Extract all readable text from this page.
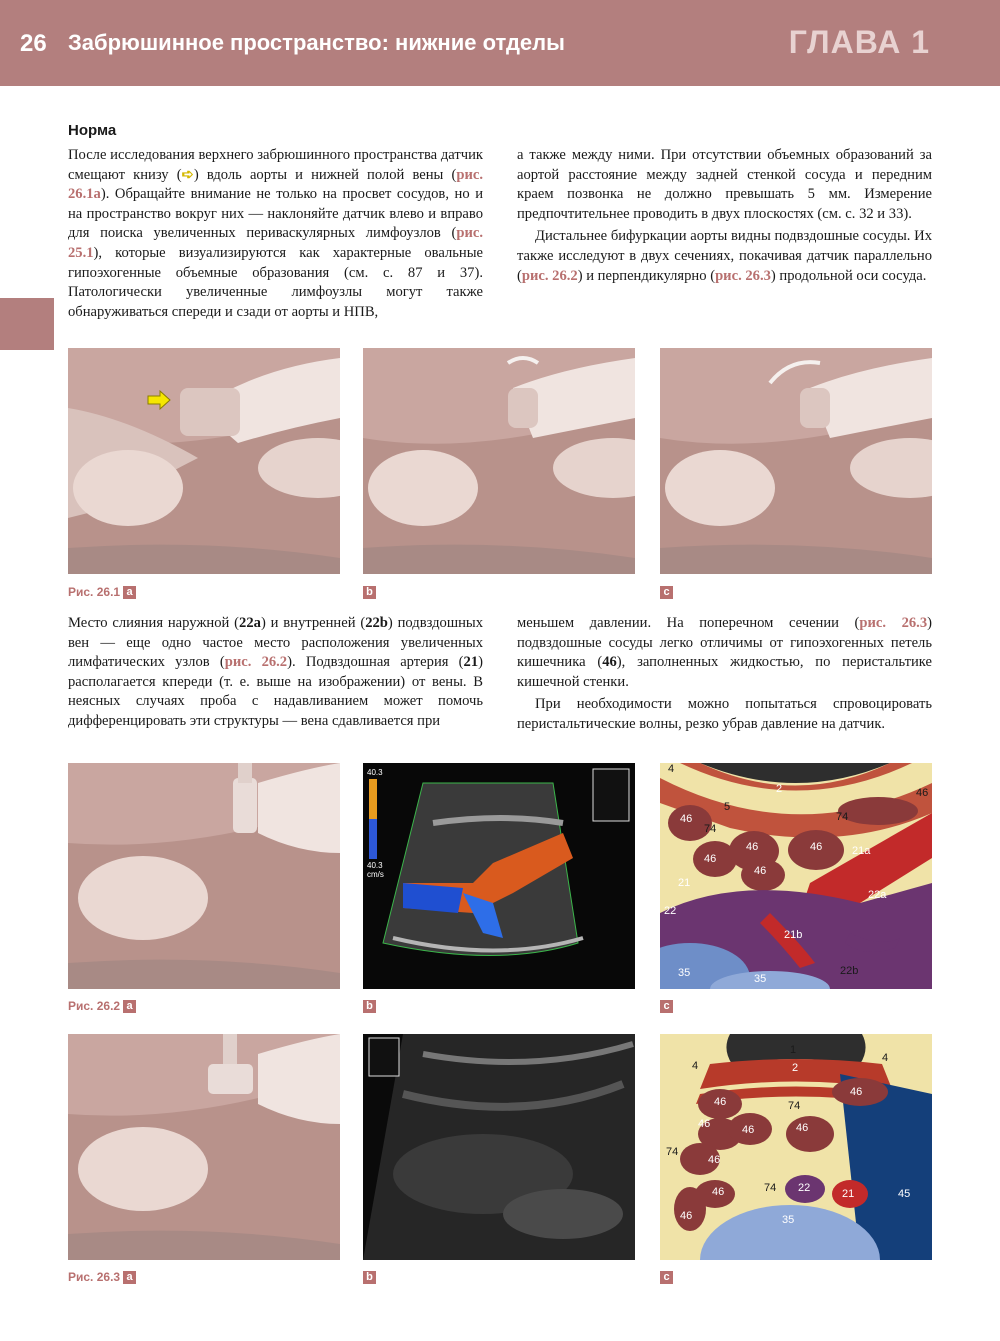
26 Забрюшинное пространство: нижние отделы	ГЛАВА 1
Норма

После исследования верхнего забрюшинного пространства датчик смещают книзу (➪) вдоль аорты и нижней полой вены (рис. 26.1a). Обращайте внимание не только на просвет сосудов, но и на пространство вокруг них — наклоняйте датчик влево и вправо для поиска увеличенных периваскулярных лимфоузлов (рис. 25.1), которые визуализируются как характерные овальные гипоэхогенные объемные образования (см. с. 87 и 37). Патологически увеличенные лимфоузлы могут также обнаруживаться спереди и сзади от аорты и НПВ,

а также между ними. При отсутствии объемных образований за аортой расстояние между задней стенкой сосуда и передним краем позвонка не должно превышать 5 мм. Измерение предпочтительнее проводить в двух плоскостях (см. с. 32 и 33).

Дистальнее бифуркации аорты видны подвздошные сосуды. Их также исследуют в двух сечениях, покачивая датчик параллельно (рис. 26.2) и перпендикулярно (рис. 26.3) продольной оси сосуда.

Рис. 26.1 a	b	c

Место слияния наружной (22a) и внутренней (22b) подвздошных вен — еще одно частое место расположения увеличенных лимфатических узлов (рис. 26.2). Подвздошная артерия (21) располагается кпереди (т. е. выше на изображении) от вены. В неясных случаях проба с надавливанием может помочь дифференцировать эти структуры — вена сдавливается при

меньшем давлении. На поперечном сечении (рис. 26.3) подвздошные сосуды легко отличимы от гипоэхогенных петель кишечника (46), заполненных жидкостью, по перистальтике кишечной стенки.

При необходимости можно попытаться спровоцировать перистальтические волны, резко убрав давление на датчик.

40.3
40.3
cm/s
4
2
5
46
74
74
46
46
46
46
46	21a
21
22a
22
21b
22b
35	35
Рис. 26.2 a	b	c
1
2
4
4
46
46	74
46	46	46
74
46
46	74 22	21	45
46	35
Рис. 26.3 a	b	c
